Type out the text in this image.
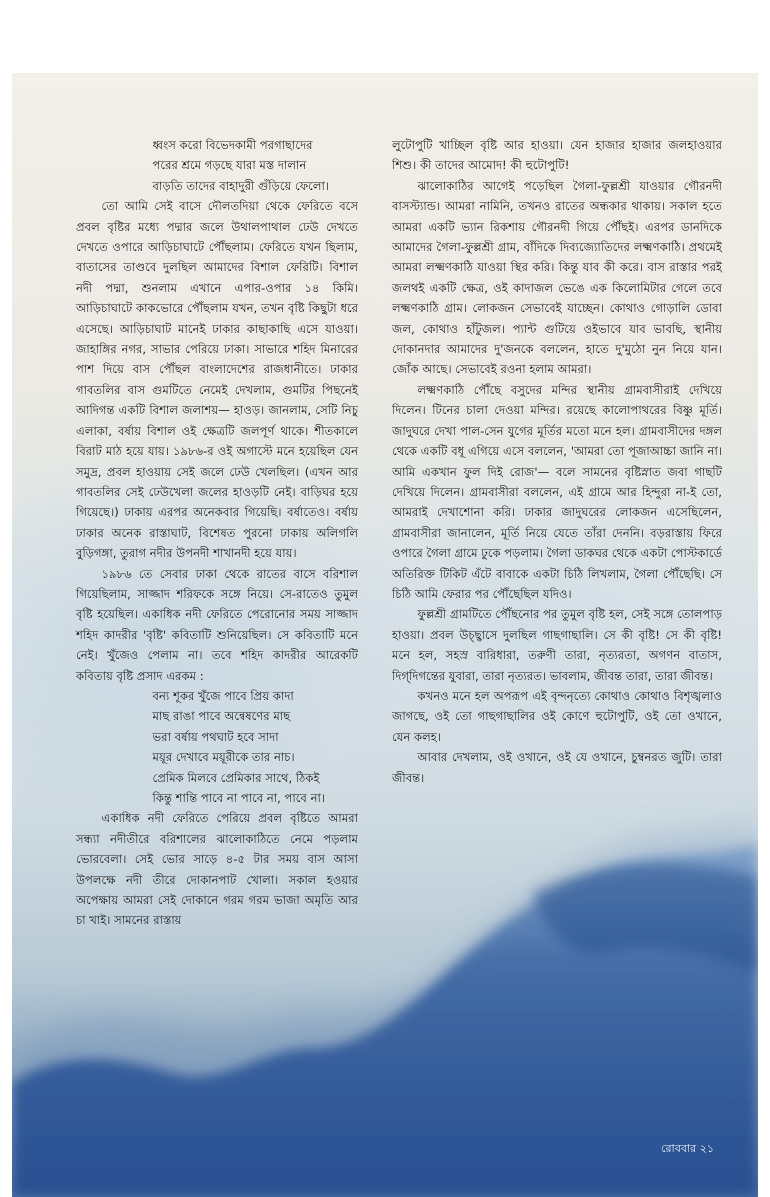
ধ্বংস করো বিভেদকামী পরগাছাদের

পরের শ্রমে গড়ছে যারা মস্ত দালান

বাড়তি তাদের বাহাদুরী গুঁড়িয়ে ফেলো।

তো আমি সেই বাসে দৌলতদিয়া থেকে ফেরিতে বসে প্রবল বৃষ্টির মধ্যে পদ্মার জলে উথালপাথাল ঢেউ দেখতে দেখতে ওপারে আড়িচাঘাটে পৌঁছলাম। ফেরিতে যখন ছিলাম, বাতাসের তাণ্ডবে দুলছিল আমাদের বিশাল ফেরিটি। বিশাল নদী পদ্মা, শুনলাম এখানে এপার-ওপার ১৪ কিমি। আড়িচাঘাটে কাকভোরে পৌঁছলাম যখন, তখন বৃষ্টি কিছুটা ধরে এসেছে। আড়িচাঘাট মানেই ঢাকার কাছাকাছি এসে যাওয়া। জাহাঙ্গির নগর, সাভার পেরিয়ে ঢাকা। সাভারে শহিদ মিনারের পাশ দিয়ে বাস পৌঁছল বাংলাদেশের রাজধানীতে। ঢাকার গাবতলির বাস গুমটিতে নেমেই দেখলাম, গুমটির পিছনেই আদিগন্ত একটি বিশাল জলাশয়— হাওড়। জানলাম, সেটি নিচু এলাকা, বর্ষায় বিশাল ওই ক্ষেত্রটি জলপূর্ণ থাকে। শীতকালে বিরাট মাঠ হয়ে যায়। ১৯৮৬-র ওই অগাস্টে মনে হয়েছিল যেন সমুদ্র, প্রবল হাওয়ায় সেই জলে ঢেউ খেলছিল। (এখন আর গাবতলির সেই ঢেউখেলা জলের হাওড়টি নেই। বাড়িঘর হয়ে গিয়েছে।) ঢাকায় এরপর অনেকবার গিয়েছি। বর্ষাতেও। বর্ষায় ঢাকার অনেক রাস্তাঘাট, বিশেষত পুরনো ঢাকায় অলিগলি বুড়িগঙ্গা, তুরাগ নদীর উপনদী শাখানদী হয়ে যায়।

১৯৮৬ তে সেবার ঢাকা থেকে রাতের বাসে বরিশাল গিয়েছিলাম, সাজ্জাদ শরিফকে সঙ্গে নিয়ে। সে-রাতেও তুমুল বৃষ্টি হয়েছিল। একাধিক নদী ফেরিতে পেরোনোর সময় সাজ্জাদ শহিদ কাদরীর 'বৃষ্টি' কবিতাটি শুনিয়েছিল। সে কবিতাটি মনে নেই। খুঁজেও পেলাম না। তবে শহিদ কাদরীর আরেকটি কবিতায় বৃষ্টি প্রসাদ এরকম :

বন্য শূকর খুঁজে পাবে প্রিয় কাদা

মাছ রাঙা পাবে অন্বেষণের মাছ

ভরা বর্ষায় পথঘাট হবে সাদা

ময়ূর দেখাবে ময়ূরীকে তার নাচ।

প্রেমিক মিলবে প্রেমিকার সাথে, ঠিকই

কিন্তু শান্তি পাবে না পাবে না, পাবে না।

একাধিক নদী ফেরিতে পেরিয়ে প্রবল বৃষ্টিতে আমরা সন্ধ্যা নদীতীরে বরিশালের ঝালোকাঠিতে নেমে পড়লাম ভোরবেলা। সেই ভোর সাড়ে ৪-৫ টার সময় বাস আসা উপলক্ষে নদী তীরে দোকানপাট খোলা। সকাল হওয়ার অপেক্ষায় আমরা সেই দোকানে গরম গরম ভাজা অমৃতি আর চা খাই। সামনের রাস্তায়

লুটোপুটি খাচ্ছিল বৃষ্টি আর হাওয়া। যেন হাজার হাজার জলহাওয়ার শিশু। কী তাদের আমোদ! কী হুটোপুটি!

ঝালোকাঠির আগেই পড়েছিল গৈলা-ফুল্লশ্রী যাওয়ার গৌরনদী বাসস্ট্যান্ড। আমরা নামিনি, তখনও রাতের অন্ধকার থাকায়। সকাল হতে আমরা একটি ভ্যান রিকশায় গৌরনদী গিয়ে পৌঁছই। এরপর ডানদিকে আমাদের গৈলা-ফুল্লশ্রী গ্রাম, বাঁদিকে দিব্যজ্যোতিদের লক্ষ্মণকাঠি। প্রথমেই আমরা লক্ষ্মণকাঠি যাওয়া স্থির করি। কিন্তু যাব কী করে। বাস রাস্তার পরই জলথই একটি ক্ষেত্র, ওই কাদাজল ভেঙে এক কিলোমিটার গেলে তবে লক্ষ্মণকাঠি গ্রাম। লোকজন সেভাবেই যাচ্ছেন। কোথাও গোড়ালি ডোবা জল, কোথাও হাঁটুজল। প্যান্ট গুটিয়ে ওইভাবে যাব ভাবছি, স্থানীয় দোকানদার আমাদের দু'জনকে বললেন, হাতে দু'মুঠো নুন নিয়ে যান। জোঁক আছে। সেভাবেই রওনা হলাম আমরা।

লক্ষ্মণকাঠি পৌঁছে বসুদের মন্দির স্থানীয় গ্রামবাসীরাই দেখিয়ে দিলেন। টিনের চালা দেওয়া মন্দির। রয়েছে কালোপাথরের বিষ্ণু মূর্তি। জাদুঘরে দেখা পাল-সেন যুগের মূর্তির মতো মনে হল। গ্রামবাসীদের দঙ্গল থেকে একটি বধূ এগিয়ে এসে বললেন, 'আমরা তো পূজাআচ্চা জানি না। আমি একখান ফুল দিই রোজ'— বলে সামনের বৃষ্টিস্নাত জবা গাছটি দেখিয়ে দিলেন। গ্রামবাসীরা বললেন, এই গ্রামে আর হিন্দুরা না-ই তো, আমরাই দেখাশোনা করি। ঢাকার জাদুঘরের লোকজন এসেছিলেন, গ্রামবাসীরা জানালেন, মূর্তি নিয়ে যেতে তাঁরা দেননি। বড়রাস্তায় ফিরে ওপারে গৈলা গ্রামে ঢুকে পড়লাম। গৈলা ডাকঘর থেকে একটা পোস্টকার্ডে অতিরিক্ত টিকিট এঁটে বাবাকে একটা চিঠি লিখলাম, গৈলা পৌঁছেছি। সে চিঠি আমি ফেরার পর পৌঁছেছিল যদিও।

ফুল্লশ্রী গ্রামটিতে পৌঁছনোর পর তুমুল বৃষ্টি হল, সেই সঙ্গে তোলপাড় হাওয়া। প্রবল উচ্ছ্বাসে দুলছিল গাছগাছালি। সে কী বৃষ্টি! সে কী বৃষ্টি! মনে হল, সহস্র বারিধারা, তরুণী তারা, নৃত্যরতা, অগণন বাতাস, দিগ্‌দিগন্তের যুবারা, তারা নৃত্যরত। ভাবলাম, জীবন্ত তারা, তারা জীবন্ত।

কখনও মনে হল অপরূপ এই বৃন্দনৃত্যে কোথাও কোথাও বিশৃঙ্খলাও জাগছে, ওই তো গাছগাছালির ওই কোণে হুটোপুটি, ওই তো ওখানে, যেন কলহ।

আবার দেখলাম, ওই ওখানে, ওই যে ওখানে, চুম্বনরত জুটি। তারা জীবন্ত।

রোববার ২১
